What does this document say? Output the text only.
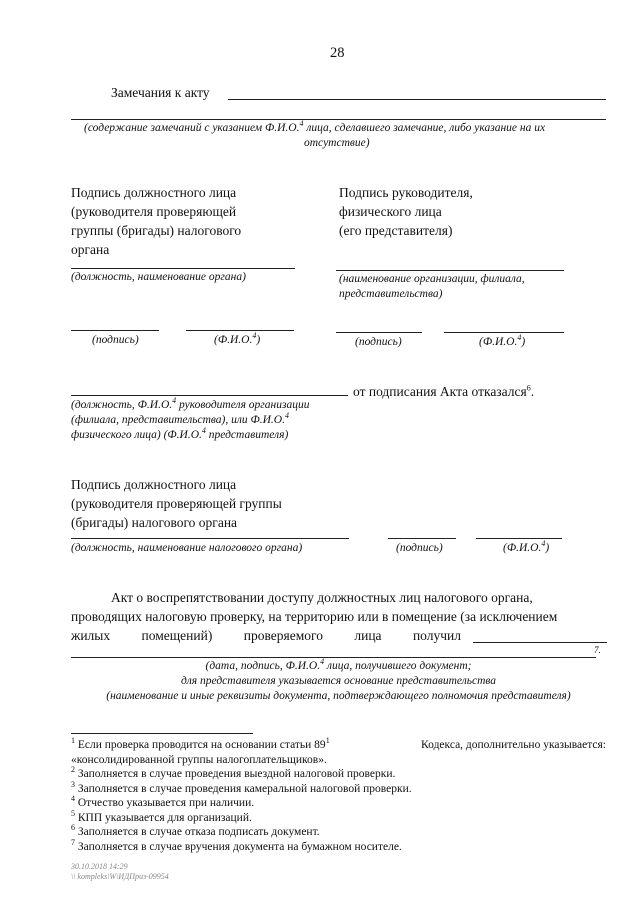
28
Замечания к акту
(содержание замечаний с указанием Ф.И.О.$^4$ лица, сделавшего замечание, либо указание на их
отсутствие)
Подпись должностного лица
(руководителя проверяющей
группы (бригады) налогового
органа
(должность, наименование органа)
(подпись)	(Ф.И.О.$^4$)
Подпись руководителя,
физического лица
(его представителя)
(наименование организации, филиала,
представительства)
(подпись)	(Ф.И.О.$^4$)
от подписания Акта отказался$^6$.
(должность, Ф.И.О.$^4$ руководителя организации
(филиала, представительства), или Ф.И.О.$^4$
физического лица) (Ф.И.О.$^4$ представителя)
Подпись должностного лица
(руководителя проверяющей группы
(бригады) налогового органа
(должность, наименование налогового органа)	(подпись)	(Ф.И.О.$^4$)
Акт о воспрепятствовании доступу должностных лиц налогового органа,
проводящих налоговую проверку, на территорию или в помещение (за исключением
жилых помещений) проверяемого лица получил
7.
(дата, подпись, Ф.И.О.$^4$ лица, получившего документ;
для представителя указывается основание представительства
(наименование и иные реквизиты документа, подтверждающего полномочия представителя)
$^1$ Если проверка проводится на основании статьи $89^1$	Кодекса, дополнительно указывается:
«консолидированной группы налогоплательщиков».
$^2$ Заполняется в случае проведения выездной налоговой проверки.
$^3$ Заполняется в случае проведения камеральной налоговой проверки.
$^4$ Отчество указывается при наличии.
$^5$ КПП указывается для организаций.
$^6$ Заполняется в случае отказа подписать документ.
$^7$ Заполняется в случае вручения документа на бумажном носителе.
30.10.2018 14:29
\\ kompleks\W\ИДПриз-09954
